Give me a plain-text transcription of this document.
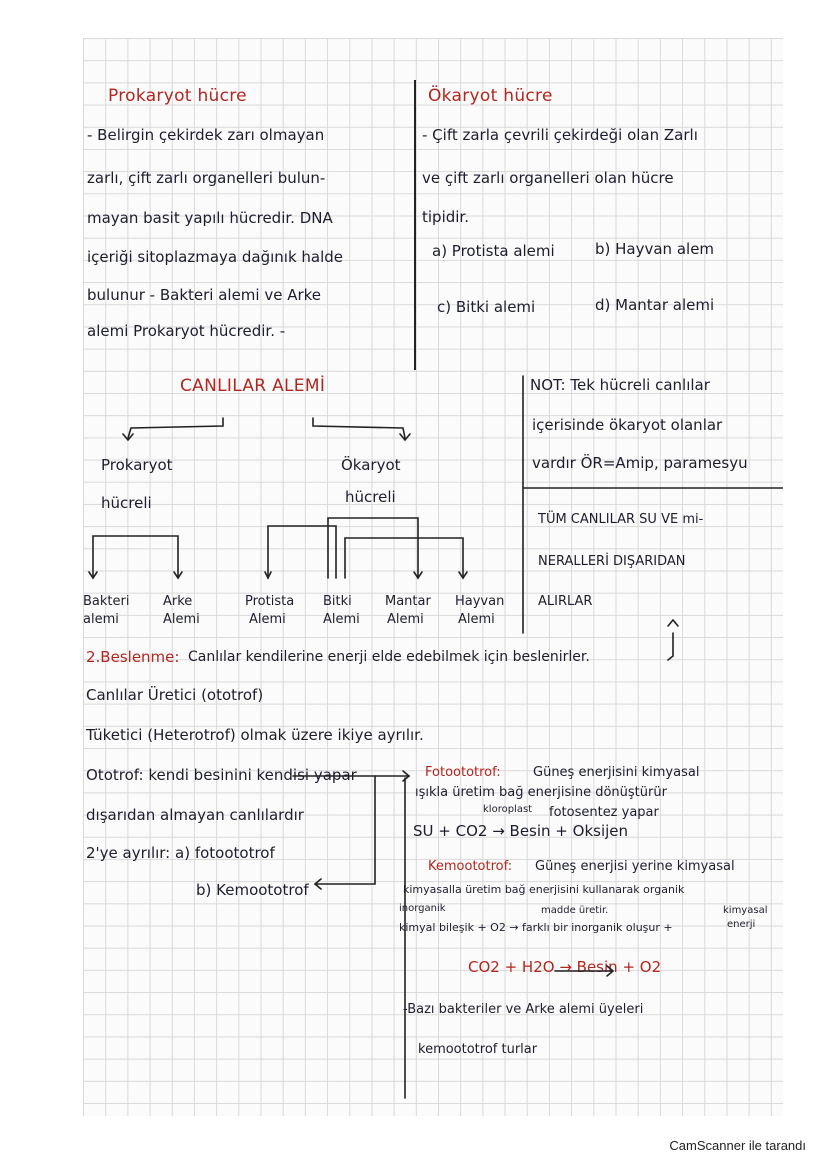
Prokaryot hücre
- Belirgin çekirdek zarı olmayan
zarlı, çift zarlı organelleri bulun-
mayan basit yapılı hücredir. DNA
içeriği sitoplazmaya dağınık halde
bulunur - Bakteri alemi ve Arke
alemi Prokaryot hücredir. -
Ökaryot hücre
- Çift zarla çevrili çekirdeği olan Zarlı
ve çift zarlı organelleri olan hücre
tipidir.
a) Protista alemi	b) Hayvan alem
c) Bitki alemi	d) Mantar alemi
CANLILAR ALEMİ
Prokaryot
hücreli
Ökaryot
hücreli
Bakteri
alemi
Arke
Alemi
Protista
Alemi
Bitki
Alemi
Mantar
Alemi
Hayvan
Alemi
NOT: Tek hücreli canlılar
içerisinde ökaryot olanlar
vardır ÖR=Amip, paramesyu
TÜM CANLILAR SU VE mi-
NERALLERİ DIŞARIDAN
ALIRLAR
2.Beslenme: Canlılar kendilerine enerji elde edebilmek için beslenirler.
Canlılar Üretici (ototrof)
Tüketici (Heterotrof) olmak üzere ikiye ayrılır.
Ototrof: kendi besinini kendisi yapar
dışarıdan almayan canlılardır
2'ye ayrılır: a) fotoototrof
b) Kemoototrof
Fotoototrof: Güneş enerjisini kimyasal
ışıkla üretim bağ enerjisine dönüştürür
kloroplast fotosentez yapar
SU + CO2 → Besin + Oksijen
Kemoototrof: Güneş enerjisi yerine kimyasal
kimyasalla üretim bağ enerjisini kullanarak organik
inorganik	madde üretir.	kimyasal
kimyal bileşik + O2 → farklı bir inorganik oluşur +	enerji
CO2 + H2O → Besin + O2
-Bazı bakteriler ve Arke alemi üyeleri
kemoototrof turlar
CamScanner ile tarandı
